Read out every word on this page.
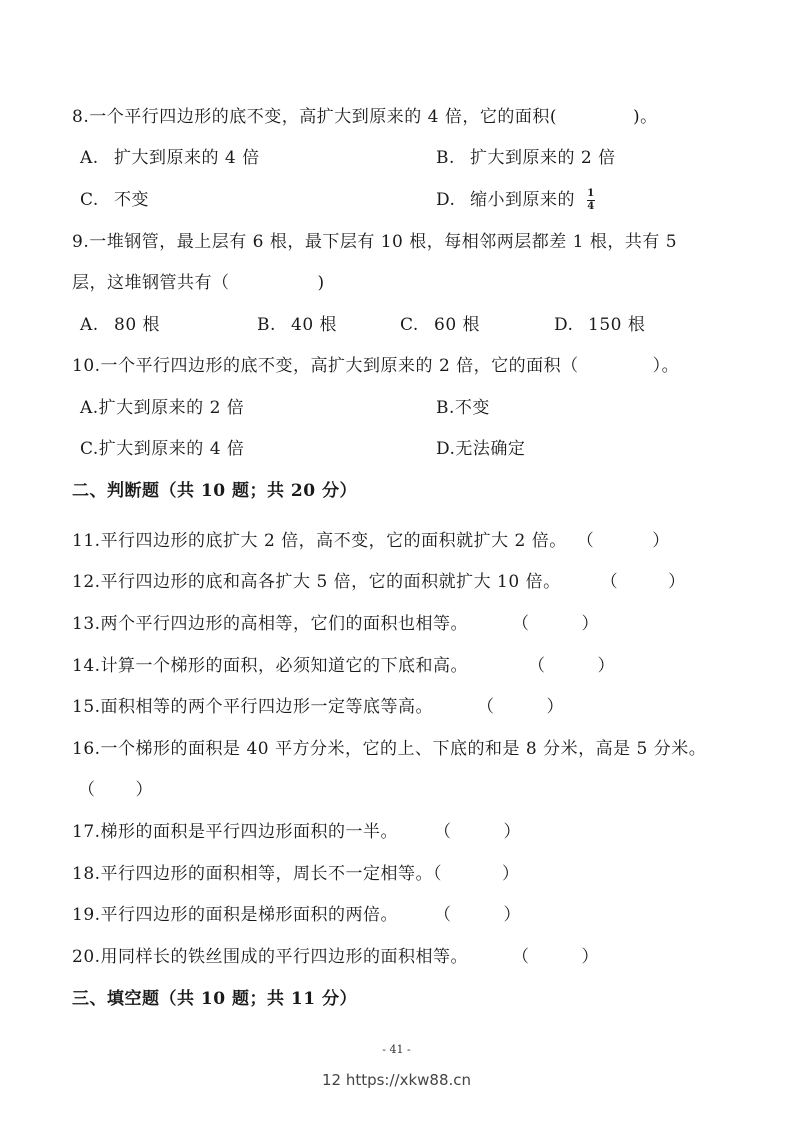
8.一个平行四边形的底不变，高扩大到原来的 4 倍，它的面积(	)。
A. 扩大到原来的 4 倍	B. 扩大到原来的 2 倍
C. 不变	D. 缩小到原来的 $\frac{1}{4}$
9.一堆钢管，最上层有 6 根，最下层有 10 根，每相邻两层都差 1 根，共有 5
层，这堆钢管共有（	)
A. 80 根	B. 40 根	C. 60 根	D. 150 根
10.一个平行四边形的底不变，高扩大到原来的 2 倍，它的面积（	）。
A.扩大到原来的 2 倍	B.不变
C.扩大到原来的 4 倍	D.无法确定
二、判断题（共 10 题；共 20 分）
11.平行四边形的底扩大 2 倍，高不变，它的面积就扩大 2 倍。 （	）
12.平行四边形的底和高各扩大 5 倍，它的面积就扩大 10 倍。 （	）
13.两个平行四边形的高相等，它们的面积也相等。	（	）
14.计算一个梯形的面积，必须知道它的下底和高。	（	）
15.面积相等的两个平行四边形一定等底等高。	（	）
16.一个梯形的面积是 40 平方分米，它的上、下底的和是 8 分米，高是 5 分米。
（ ）
17.梯形的面积是平行四边形面积的一半。 （	）
18.平行四边形的面积相等，周长不一定相等。（	）
19.平行四边形的面积是梯形面积的两倍。 （	）
20.用同样长的铁丝围成的平行四边形的面积相等。	（	）
三、填空题（共 10 题；共 11 分）
- 41 -
12 https://xkw88.cn
